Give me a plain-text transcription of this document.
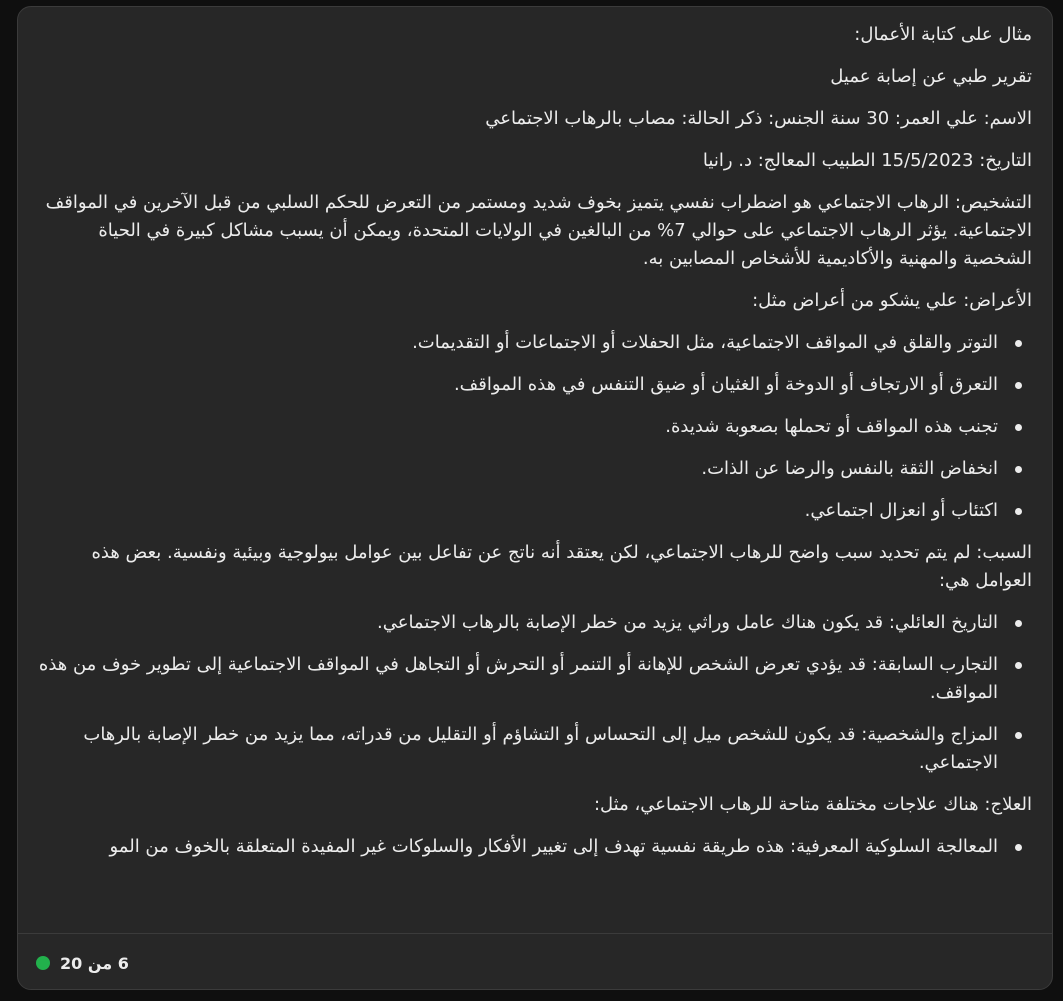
مثال على كتابة الأعمال:

تقرير طبي عن إصابة عميل

الاسم: علي العمر: 30 سنة الجنس: ذكر الحالة: مصاب بالرهاب الاجتماعي

التاريخ: 15/5/2023 الطبيب المعالج: د. رانيا

التشخيص: الرهاب الاجتماعي هو اضطراب نفسي يتميز بخوف شديد ومستمر من التعرض للحكم السلبي من قبل الآخرين في المواقف الاجتماعية. يؤثر الرهاب الاجتماعي على حوالي 7% من البالغين في الولايات المتحدة، ويمكن أن يسبب مشاكل كبيرة في الحياة الشخصية والمهنية والأكاديمية للأشخاص المصابين به.

الأعراض: علي يشكو من أعراض مثل:

التوتر والقلق في المواقف الاجتماعية، مثل الحفلات أو الاجتماعات أو التقديمات.
التعرق أو الارتجاف أو الدوخة أو الغثيان أو ضيق التنفس في هذه المواقف.
تجنب هذه المواقف أو تحملها بصعوبة شديدة.
انخفاض الثقة بالنفس والرضا عن الذات.
اكتئاب أو انعزال اجتماعي.

السبب: لم يتم تحديد سبب واضح للرهاب الاجتماعي، لكن يعتقد أنه ناتج عن تفاعل بين عوامل بيولوجية وبيئية ونفسية. بعض هذه العوامل هي:

التاريخ العائلي: قد يكون هناك عامل وراثي يزيد من خطر الإصابة بالرهاب الاجتماعي.
التجارب السابقة: قد يؤدي تعرض الشخص للإهانة أو التنمر أو التحرش أو التجاهل في المواقف الاجتماعية إلى تطوير خوف من هذه المواقف.
المزاج والشخصية: قد يكون للشخص ميل إلى التحساس أو التشاؤم أو التقليل من قدراته، مما يزيد من خطر الإصابة بالرهاب الاجتماعي.

العلاج: هناك علاجات مختلفة متاحة للرهاب الاجتماعي، مثل:

المعالجة السلوكية المعرفية: هذه طريقة نفسية تهدف إلى تغيير الأفكار والسلوكات غير المفيدة المتعلقة بالخوف من المو
6 من 20
